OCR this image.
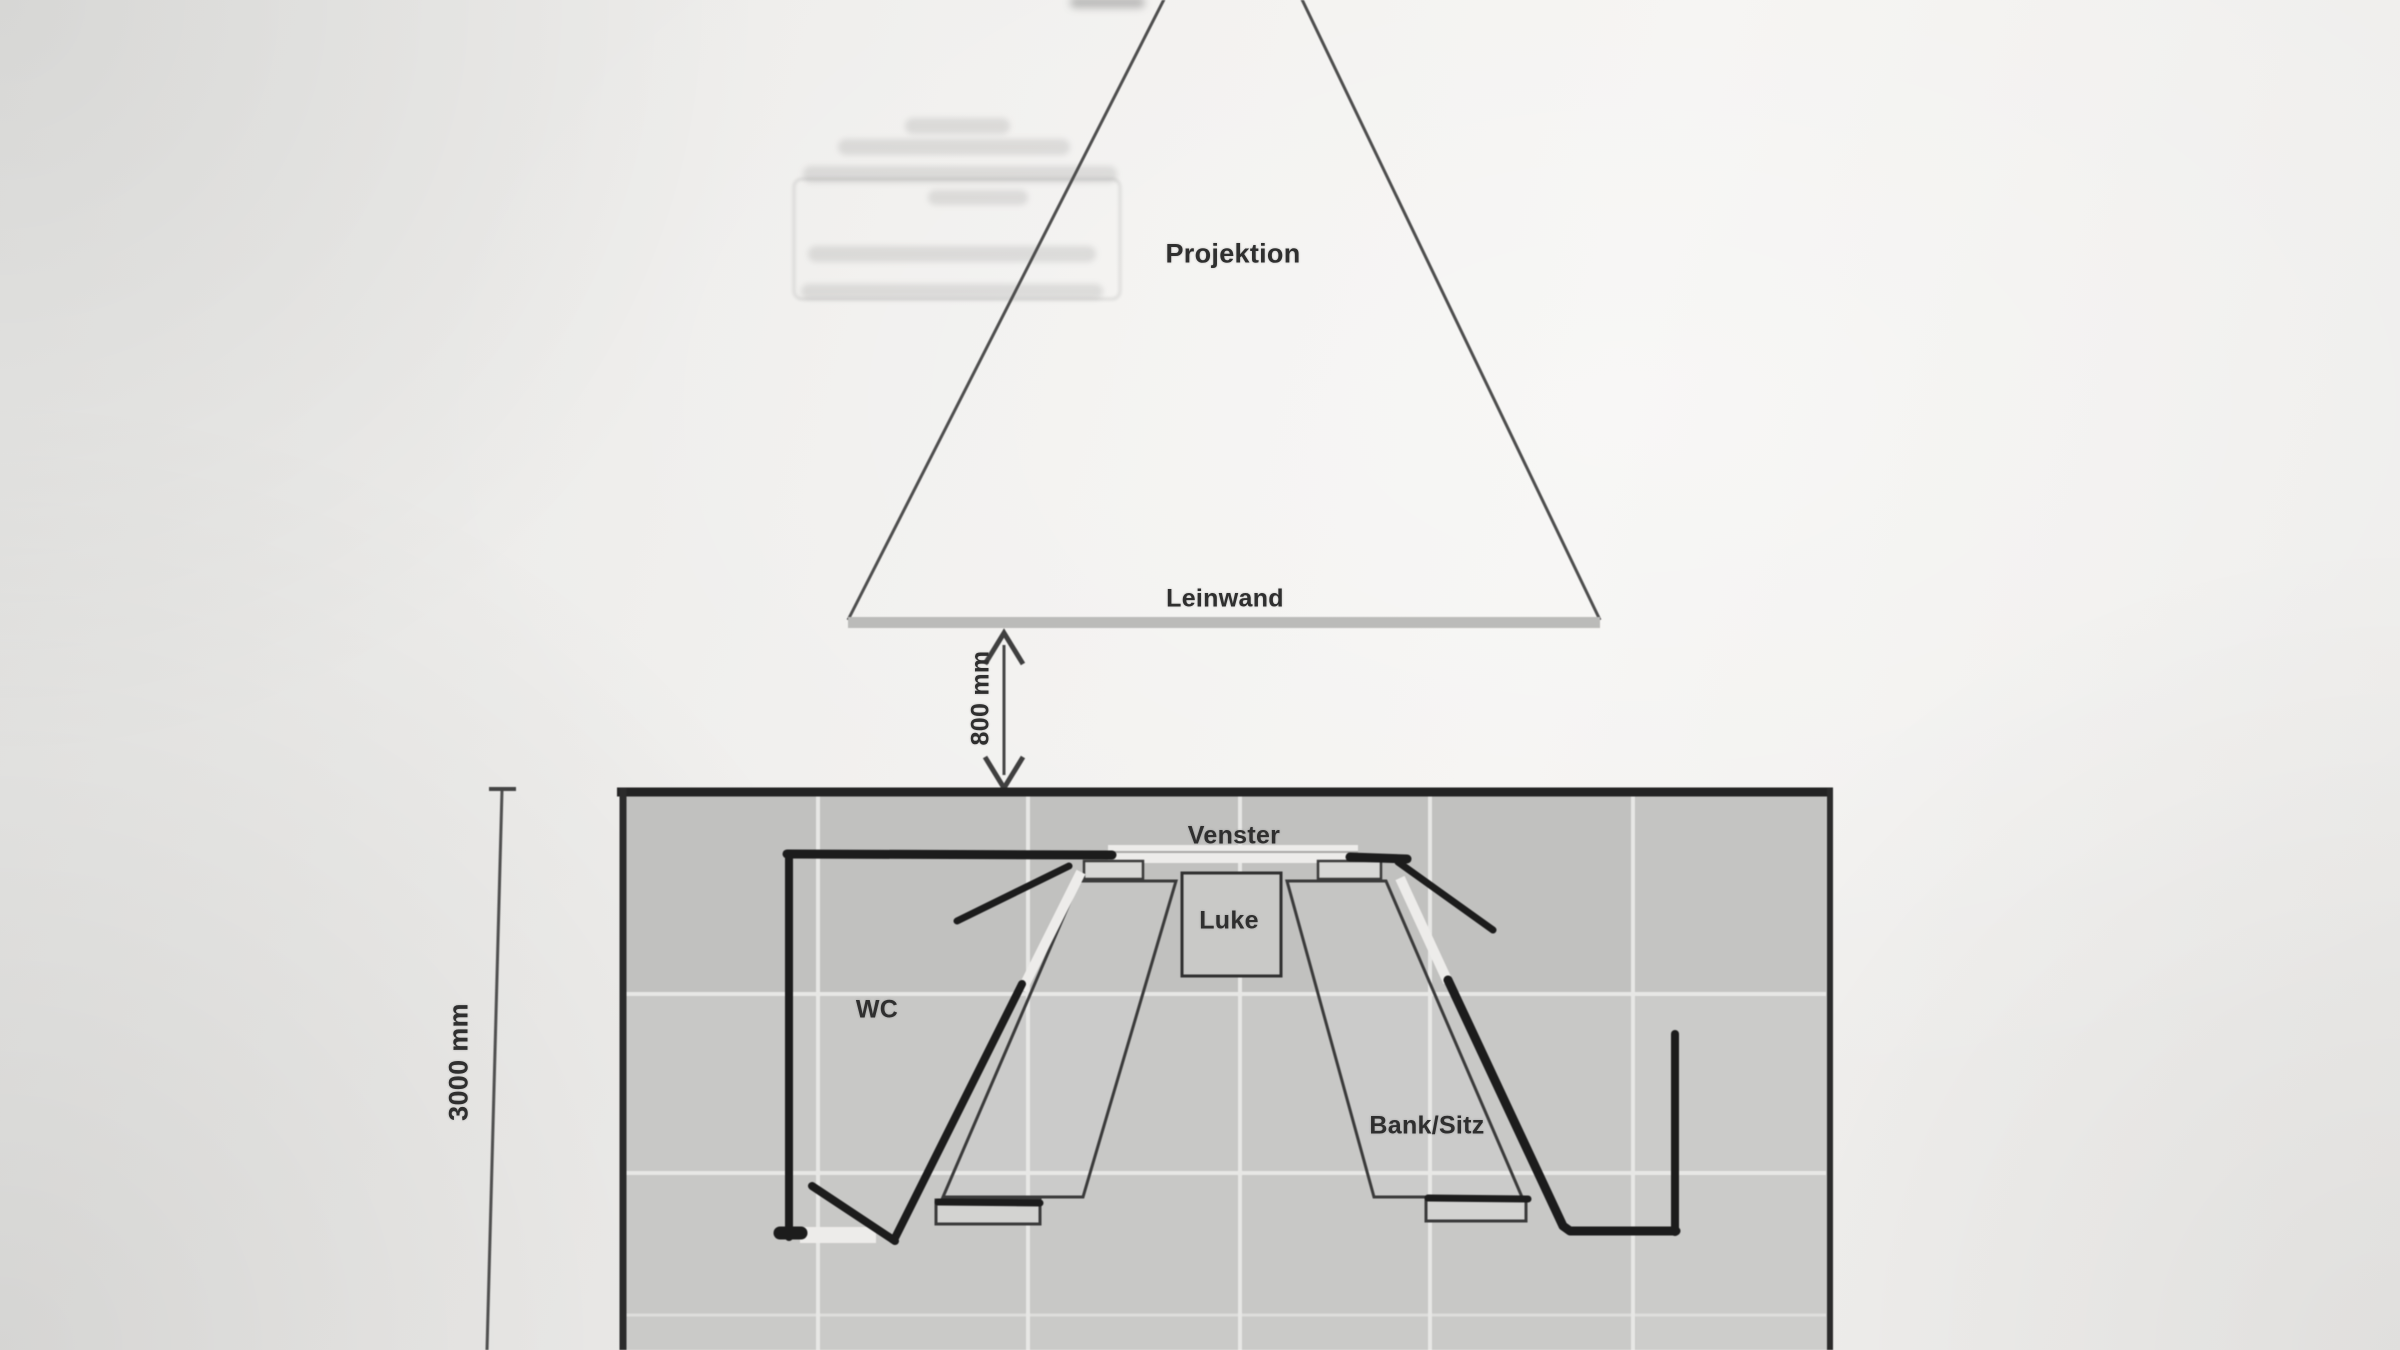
Projektion
Leinwand
800 mm
3000 mm
Venster
Luke
WC
Bank/Sitz
